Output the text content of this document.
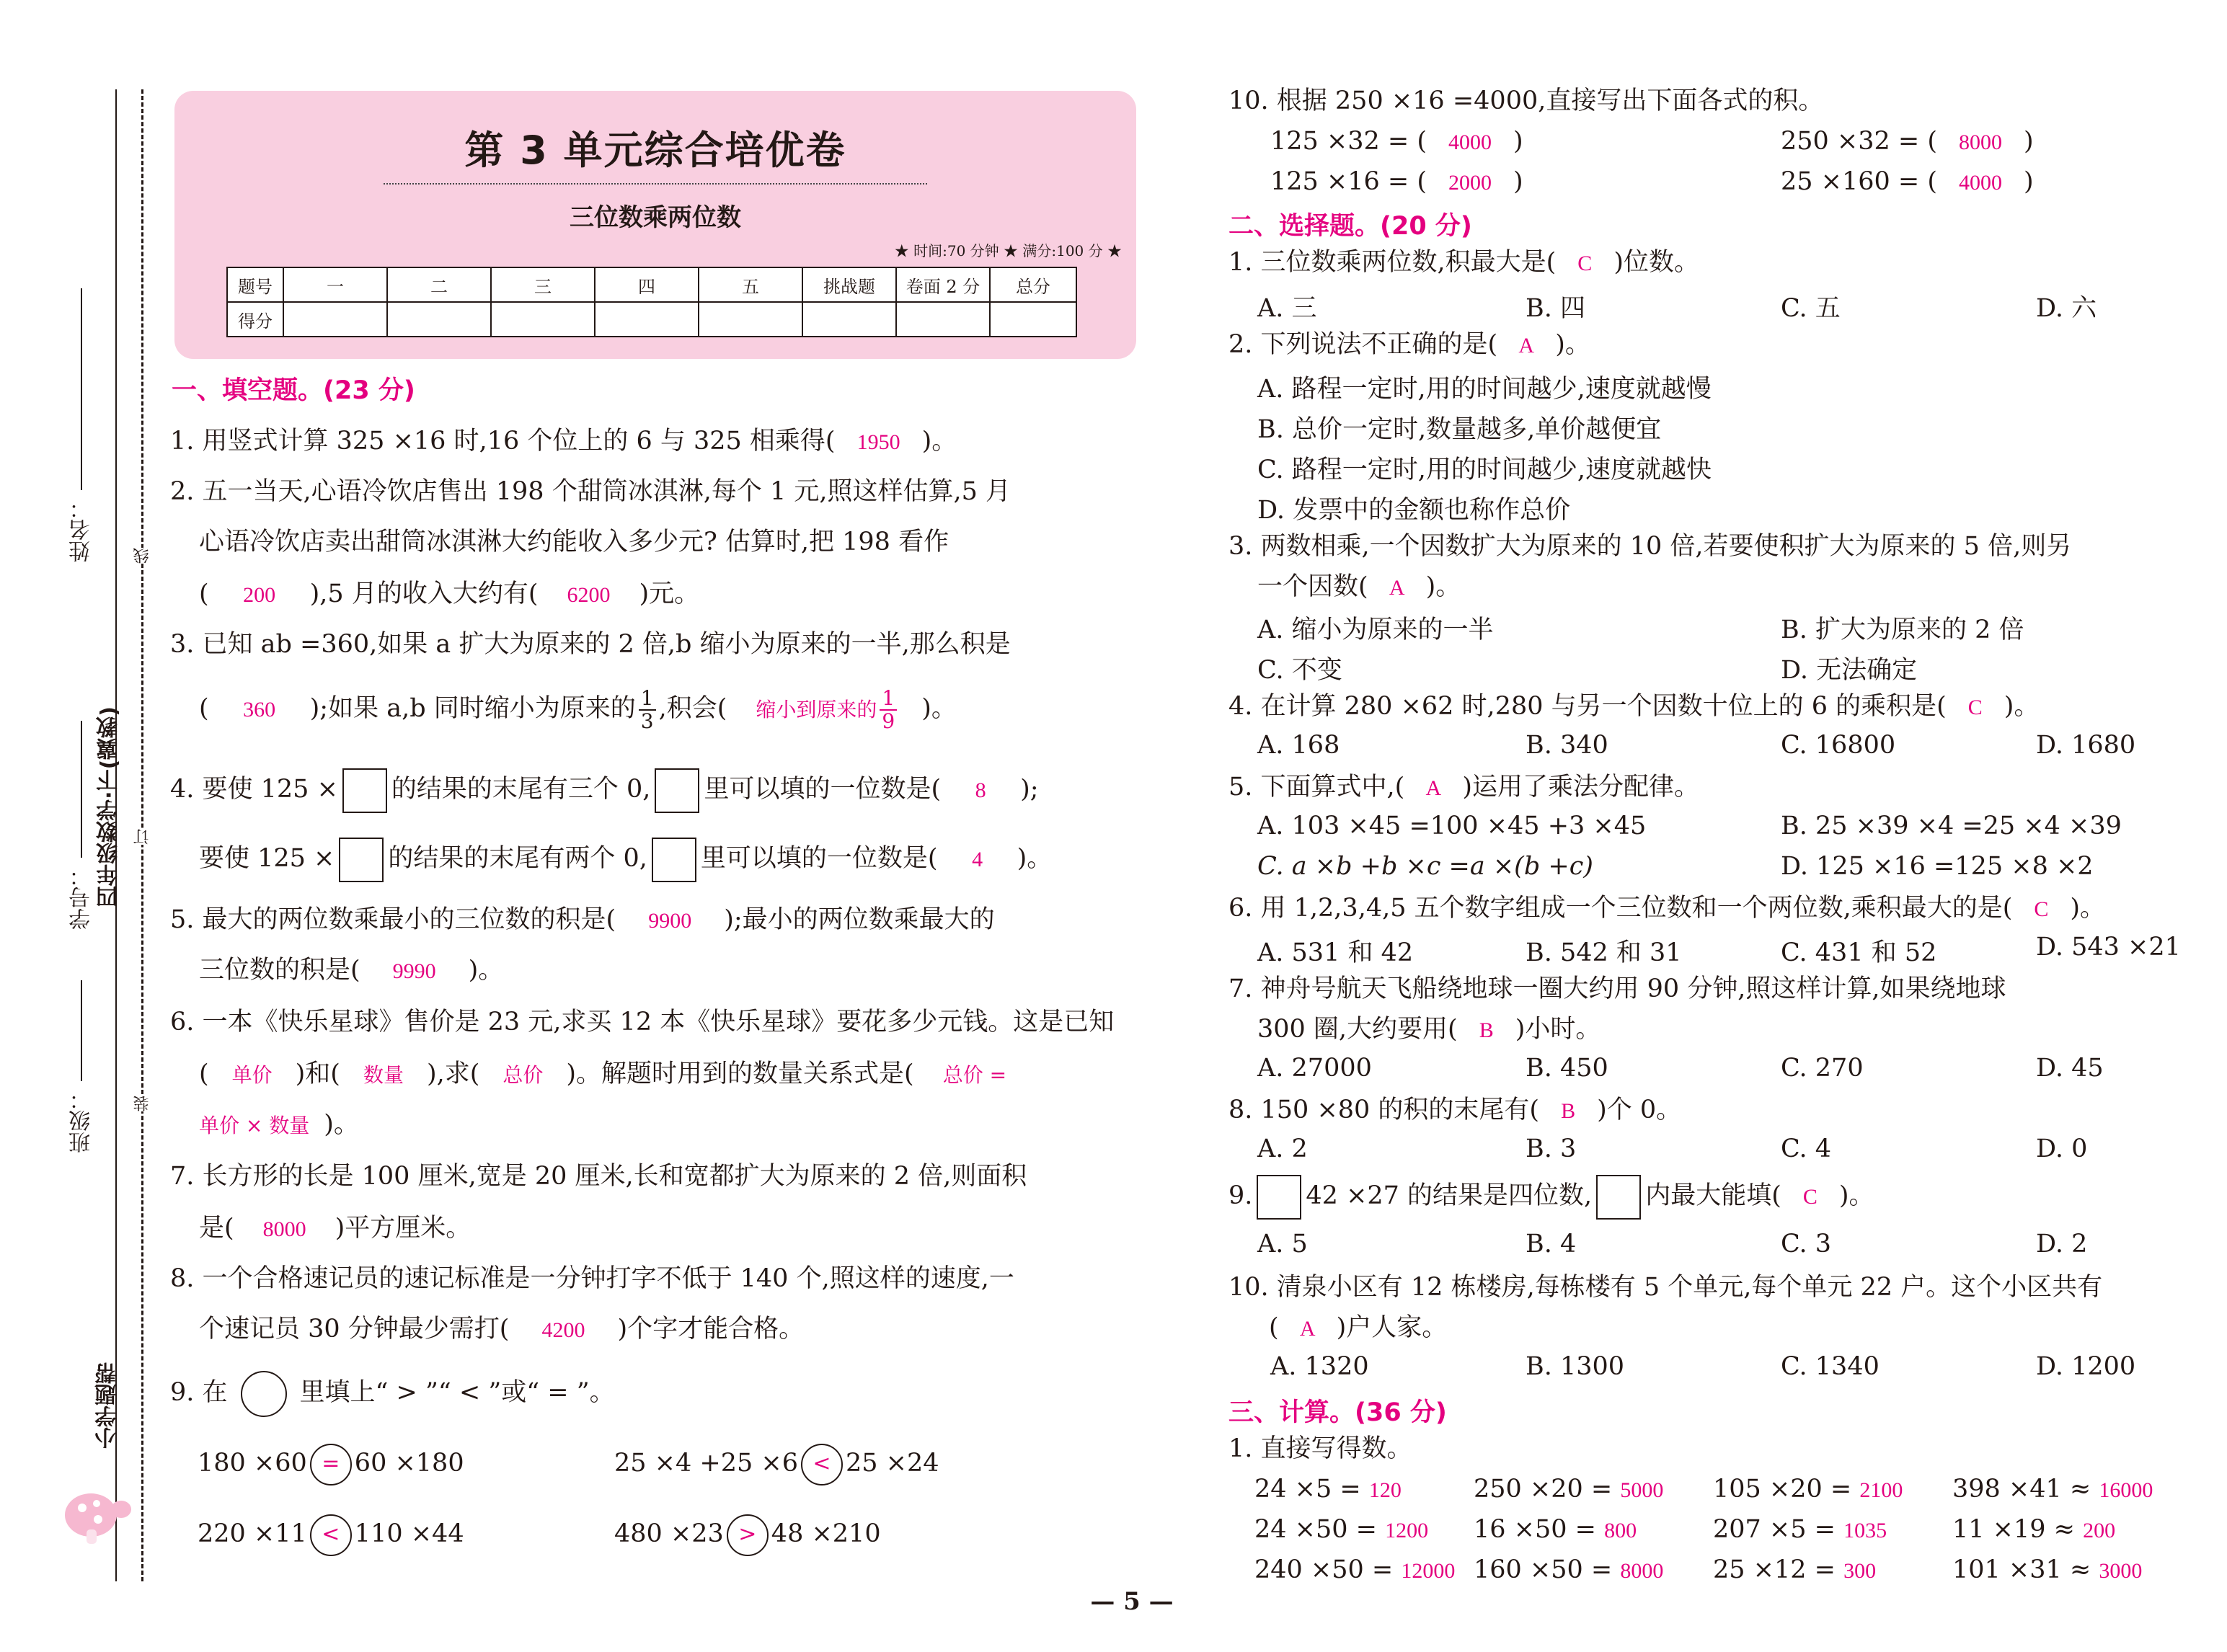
姓名：
学号： 四年级数学·下(冀教)
班级：
线
订
装
小学题帮
第 3 单元综合培优卷
三位数乘两位数
★ 时间:70 分钟 ★ 满分:100 分 ★
题号	一	二	三	四	五	挑战题	卷面 2 分	总分
得分								
一、填空题。(23 分)
1. 用竖式计算 325 ×16 时,16 个位上的 6 与 325 相乘得( 1950 )。
2. 五一当天,心语冷饮店售出 198 个甜筒冰淇淋,每个 1 元,照这样估算,5 月
心语冷饮店卖出甜筒冰淇淋大约能收入多少元? 估算时,把 198 看作
( 200 ),5 月的收入大约有( 6200 )元。
3. 已知 ab =360,如果 a 扩大为原来的 2 倍,b 缩小为原来的一半,那么积是
( 360 );如果 a,b 同时缩小为原来的 $\frac{1}{3}$ ,积会( 缩小到原来的 $\frac{1}{9}$ )。
4. 要使 125 × 的结果的末尾有三个 0, 里可以填的一位数是( 8 );
要使 125 × 的结果的末尾有两个 0, 里可以填的一位数是( 4 )。
5. 最大的两位数乘最小的三位数的积是( 9900 );最小的两位数乘最大的
三位数的积是( 9990 )。
6. 一本《快乐星球》售价是 23 元,求买 12 本《快乐星球》要花多少元钱。这是已知
( 单价 )和( 数量 ),求( 总价 )。解题时用到的数量关系式是( 总价 =
单价 × 数量 )。
7. 长方形的长是 100 厘米,宽是 20 厘米,长和宽都扩大为原来的 2 倍,则面积
是( 8000 )平方厘米。
8. 一个合格速记员的速记标准是一分钟打字不低于 140 个,照这样的速度,一
个速记员 30 分钟最少需打( 4200 )个字才能合格。
9. 在	里填上“ > ”“ < ”或“ = ”。
180 ×60 = 60 ×180	25 ×4 +25 ×6 < 25 ×24
220 ×11 < 110 ×44	480 ×23 > 48 ×210
10. 根据 250 ×16 =4000,直接写出下面各式的积。
125 ×32 = ( 4000 )	250 ×32 = ( 8000 )
125 ×16 = ( 2000 )	25 ×160 = ( 4000 )
二、选择题。(20 分)
1. 三位数乘两位数,积最大是( C )位数。
A. 三	B. 四	C. 五	D. 六
2. 下列说法不正确的是( A )。
A. 路程一定时,用的时间越少,速度就越慢
B. 总价一定时,数量越多,单价越便宜
C. 路程一定时,用的时间越少,速度就越快
D. 发票中的金额也称作总价
3. 两数相乘,一个因数扩大为原来的 10 倍,若要使积扩大为原来的 5 倍,则另
一个因数( A )。
A. 缩小为原来的一半	B. 扩大为原来的 2 倍
C. 不变	D. 无法确定
4. 在计算 280 ×62 时,280 与另一个因数十位上的 6 的乘积是( C )。
A. 168	B. 340	C. 16800	D. 1680
5. 下面算式中,( A )运用了乘法分配律。
A. 103 ×45 =100 ×45 +3 ×45	B. 25 ×39 ×4 =25 ×4 ×39
C. a ×b +b ×c =a ×(b +c)	D. 125 ×16 =125 ×8 ×2
6. 用 1,2,3,4,5 五个数字组成一个三位数和一个两位数,乘积最大的是( C )。
A. 531 和 42	B. 542 和 31	C. 431 和 52	D. 543 ×21
7. 神舟号航天飞船绕地球一圈大约用 90 分钟,照这样计算,如果绕地球
300 圈,大约要用( B )小时。
A. 27000	B. 450	C. 270	D. 45
8. 150 ×80 的积的末尾有( B )个 0。
A. 2	B. 3	C. 4	D. 0
9. 42 ×27 的结果是四位数, 内最大能填( C )。
A. 5	B. 4	C. 3	D. 2
10. 清泉小区有 12 栋楼房,每栋楼有 5 个单元,每个单元 22 户。这个小区共有
( A )户人家。
A. 1320	B. 1300	C. 1340	D. 1200
三、计算。(36 分)
1. 直接写得数。
24 ×5 = 120	250 ×20 = 5000 105 ×20 = 2100 398 ×41 ≈ 16000
24 ×50 = 1200 16 ×50 = 800	207 ×5 = 1035	11 ×19 ≈ 200
240 ×50 = 12000 160 ×50 = 8000 25 ×12 = 300	101 ×31 ≈ 3000
— 5 —
